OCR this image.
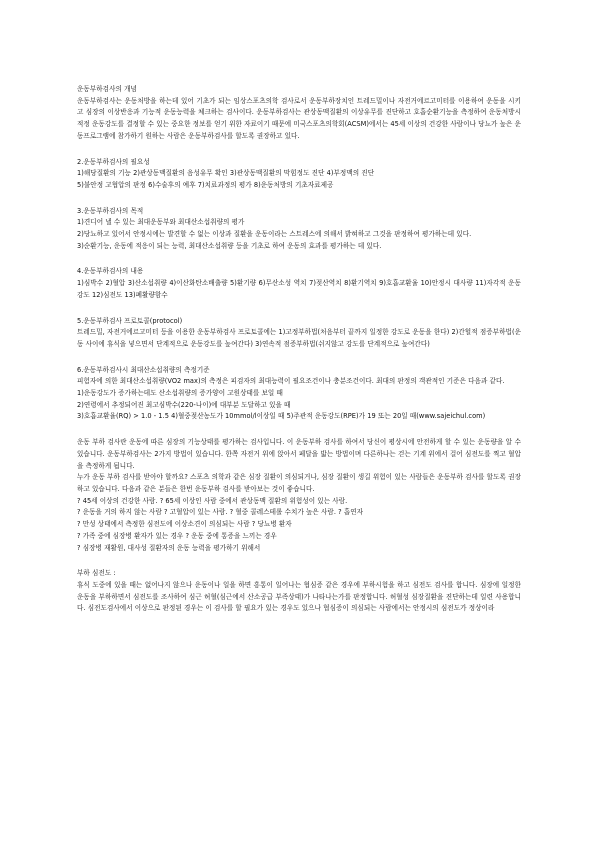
운동부하검사의 개념

운동부하검사는 운동처방을 하는데 있어 기초가 되는 임상스포츠의학 검사로서 운동부하장치인 트레드밀이나 자전거에르고미터를 이용하여 운동을 시키고 심장의 이상반응과 기능적 운동능력을 체크하는 검사이다. 운동부하검사는 관상동맥질환의 이상유무를 진단하고 호흡순환기능을 측정하여 운동처방시 적정 운동강도를 결정할 수 있는 중요한 정보를 얻기 위한 자료이기 때문에 미국스포츠의학회(ACSM)에서는 45세 이상의 건강한 사람이나 당뇨가 높은 운동프로그램에 참가하기 원하는 사람은 운동부하검사를 할도록 권장하고 있다.

2.운동부하검사의 필요성

1)해당질환의 기능 2)관상동맥질환의 음성유무 확인 3)관상동맥질환의 막힘정도 진단 4)부정맥의 진단

5)불안정 고협압의 판정 6)수술후의 예후 7)치료과정의 평가 8)운동처방의 기초자료제공

3.운동부하검사의 목적

1)견디어 낼 수 있는 최대운동부와 최대산소섭취량의 평가

2)당뇨하고 있어서 안정시에는 발견할 수 없는 이상과 질환을 운동이라는 스트레스에 의해서 밝혀하고 그것을 판정하여 평가하는데 있다.

3)순환기능, 운동에 적응이 되는 능력, 최대산소섭취량 등을 기초로 하여 운동의 효과를 평가하는 데 있다.

4.운동부하검사의 내용

1)심박수 2)혈압 3)산소섭취량 4)이산화탄소배출량 5)환기량 6)무산소성 역치 7)젖산역치 8)환기역치 9)호흡교환율 10)안정시 대사량 11)자각적 운동강도 12)심전도 13)폐활량함수

5.운동부하검사 프로토콜(protocol)

트레드밀, 자전거에르고미터 등을 이용한 운동부하검사 프로토콜에는 1)고정부하법(처음부터 끝까지 일정한 강도로 운동을 한다) 2)간헐적 점증부하법(운동 사이에 휴식을 넣으면서 단계적으로 운동강도를 높여간다) 3)연속적 점증부하법(쉬지않고 강도를 단계적으로 높여간다)

6.운동부하검사시 최대산소섭취량의 측정기준

피험자에 의한 최대산소섭취량(VO2 max)의 측정은 피검자의 최대능력이 필요조건이나 충분조건이다. 최대의 판정의 객관적인 기준은 다음과 같다.

1)운동강도가 증가하는데도 산소섭취량의 증가양이 고원상태를 보일 때

2)연령에서 추정되어진 최고심박수(220-나이)에 대부분 도달하고 있을 때

3)호흡교환율(RQ) > 1.0 - 1.5 4)혈중젖산농도가 10mmol/l이상일 때 5)주관적 운동강도(RPE)가 19 또는 20일 때(www.sajeichul.com)

운동 부하 검사란 운동에 따른 심장의 기능상태를 평가하는 검사입니다. 이 운동부하 검사를 하여서 당신이 평상시에 안전하게 할 수 있는 운동량을 알 수 있습니다. 운동부하검사는 2가지 방법이 있습니다. 한쪽 자전거 위에 앉아서 페달을 밟는 방법이며 다른하나는 걷는 기계 위에서 걸어 심전도를 찍고 혈압을 측정하게 됩니다.

누가 운동 부하 검사를 받아야 할까요? 스포츠 의학과 같은 심장 질환이 의심되거나, 심장 질환이 생길 위험이 있는 사람들은 운동부하 검사를 할도록 권장하고 있습니다. 다음과 같은 분들은 한번 운동부하 검사를 받아보는 것이 좋습니다.

? 45세 이상의 건강한 사람. ? 65세 이상인 사람 중에서 관상동맥 질환의 위험성이 있는 사람.

? 운동을 거의 하지 않는 사람 ? 고혈압이 있는 사람. ? 혈중 콜레스테롤 수치가 높은 사람. ? 흡연자

? 만성 상태에서 측정한 심전도에 이상소견이 의심되는 사람 ? 당뇨병 환자

? 가족 중에 심장병 환자가 있는 경우 ? 운동 중에 통증을 느끼는 경우

? 심장병 재활원, 대사성 질환자의 운동 능력을 평가하기 위해서

부하 심전도 :

휴식 도중에 있을 때는 없어나지 않으나 운동이나 일을 하면 흥통이 일어나는 협심증 같은 경우에 부하시험을 하고 심전도 검사를 합니다. 심장에 일정한 운동을 부하하면서 심전도를 조사하여 심근 허혈(심근에서 산소공급 부족상태)가 나타나는가를 판정합니다. 허혈성 심장질환을 진단하는데 일련 사용합니다. 심전도검사에서 이상으로 판정된 경우는 이 검사를 할 필요가 있는 경우도 있으나 협심증이 의심되는 사람에서는 안정시의 심전도가 정상이라
